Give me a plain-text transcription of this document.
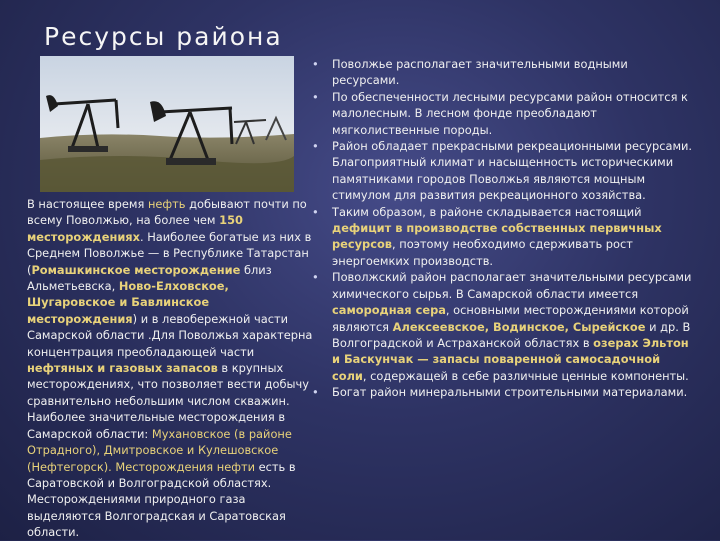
Ресурсы района
В настоящее время нефть добывают почти по всему Поволжью, на более чем 150 месторождениях. Наиболее богатые из них в Среднем Поволжье — в Республике Татарстан (Ромашкинское месторождение близ Альметьевска, Ново-Елховское, Шугаровское и Бавлинское месторождения) и в левобережной части Самарской области .Для Поволжья характерна концентрация преобладающей части нефтяных и газовых запасов в крупных месторождениях, что позволяет вести добычу сравнительно небольшим числом скважин. Наиболее значительные месторождения в Самарской области: Мухановское (в районе Отрадного), Дмитровское и Кулешовское (Нефтегорск). Месторождения нефти есть в Саратовской и Волгоградской областях. Месторождениями природного газа выделяются Волгоградская и Саратовская области.
• Поволжье располагает значительными водными ресурсами.
• По обеспеченности лесными ресурсами район относится к малолесным. В лесном фонде преобладают мягколиственные породы.
• Район обладает прекрасными рекреационными ресурсами. Благоприятный климат и насыщенность историческими памятниками городов Поволжья являются мощным стимулом для развития рекреационного хозяйства.
• Таким образом, в районе складывается настоящий дефицит в производстве собственных первичных ресурсов, поэтому необходимо сдерживать рост энергоемких производств.
• Поволжский район располагает значительными ресурсами химического сырья. В Самарской области имеется самородная сера, основными месторождениями которой являются Алексеевское, Водинское, Сырейское и др. В Волгоградской и Астраханской областях в озерах Эльтон и Баскунчак — запасы поваренной самосадочной соли, содержащей в себе различные ценные компоненты.
• Богат район минеральными строительными материалами.
